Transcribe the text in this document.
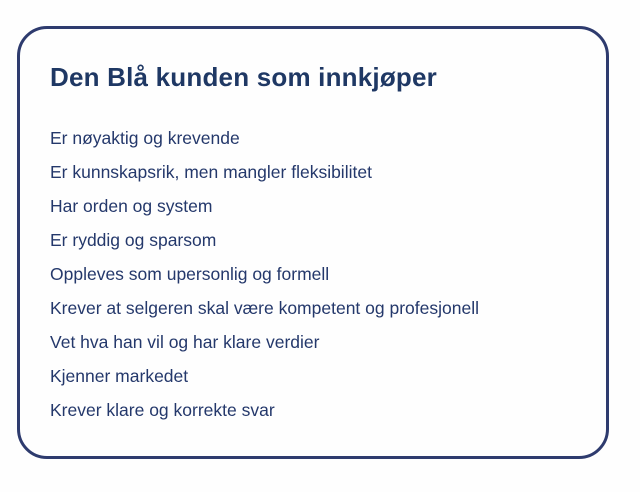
Den Blå kunden som innkjøper
Er nøyaktig og krevende
Er kunnskapsrik, men mangler fleksibilitet
Har orden og system
Er ryddig og sparsom
Oppleves som upersonlig og formell
Krever at selgeren skal være kompetent og profesjonell
Vet hva han vil og har klare verdier
Kjenner markedet
Krever klare og korrekte svar
